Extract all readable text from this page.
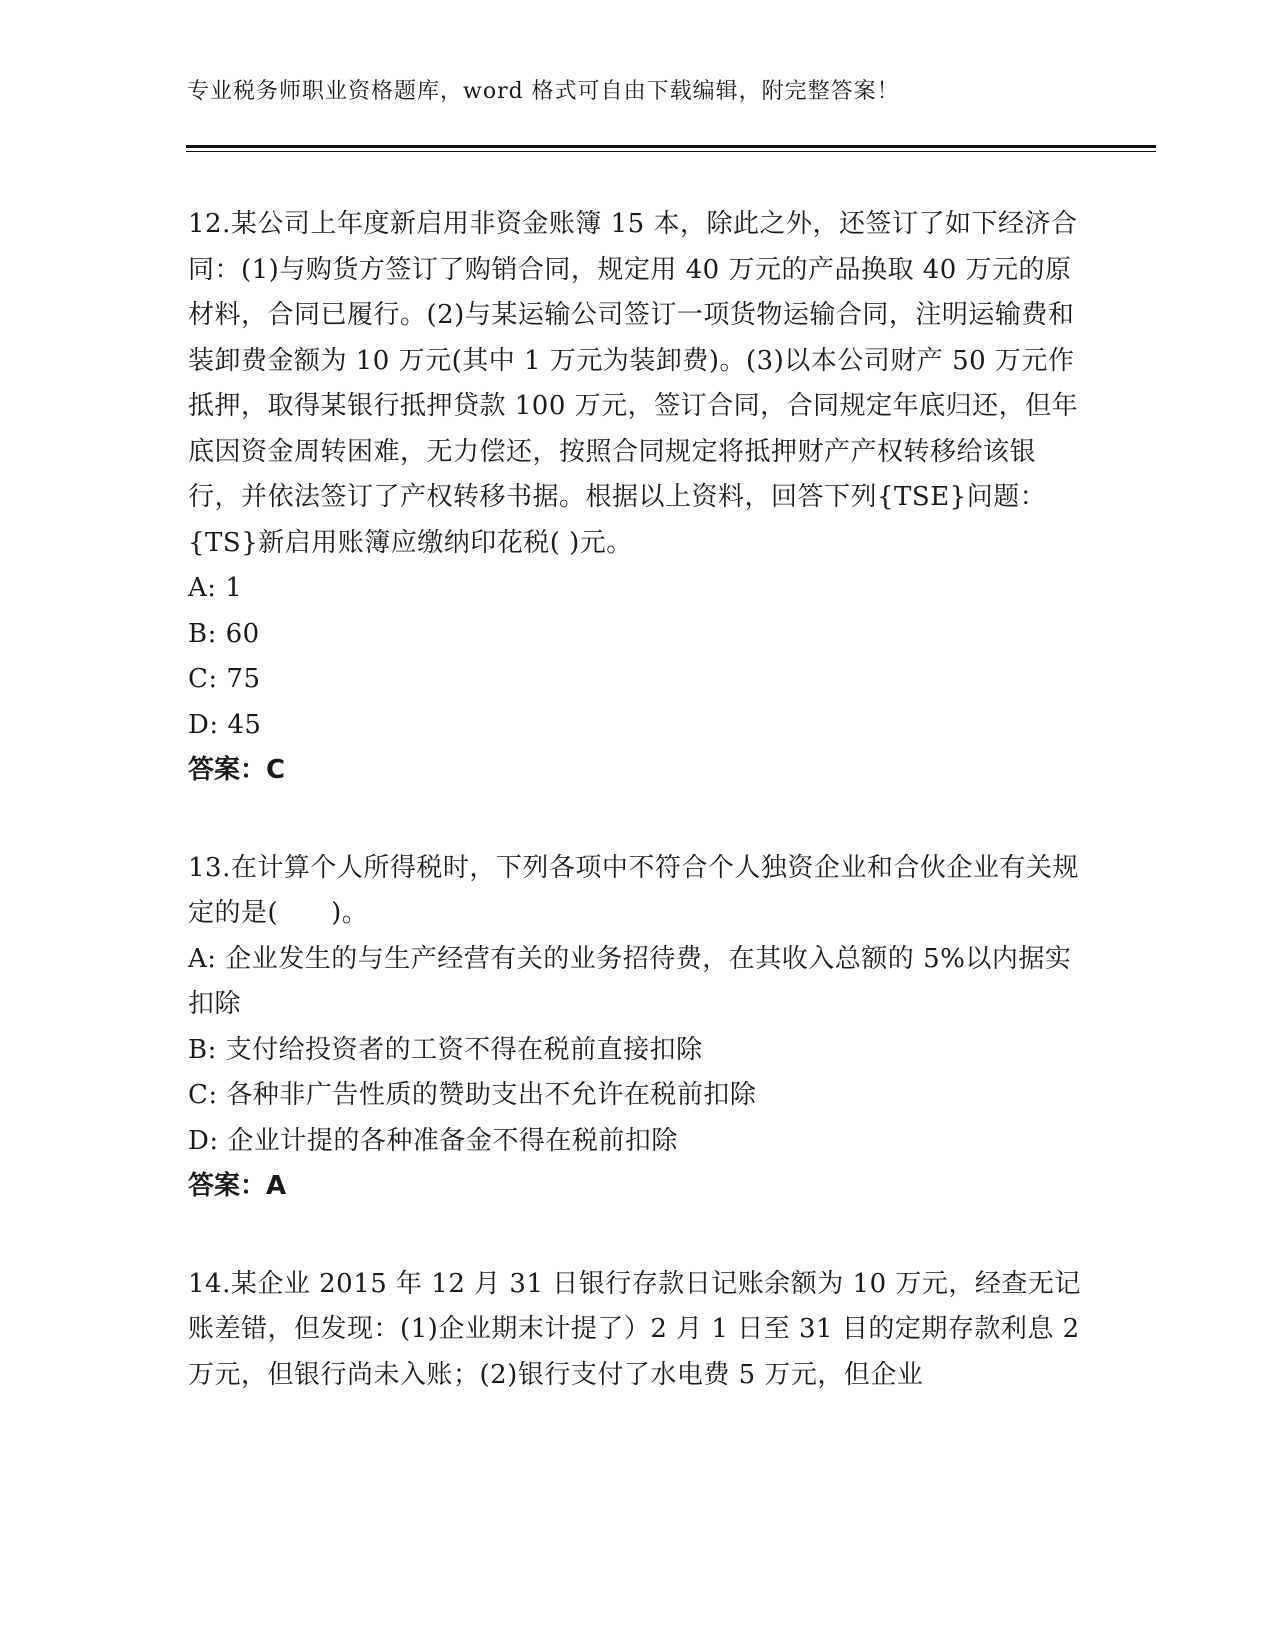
专业税务师职业资格题库，word 格式可自由下载编辑，附完整答案！

12.某公司上年度新启用非资金账簿 15 本，除此之外，还签订了如下经济合同：(1)与购货方签订了购销合同，规定用 40 万元的产品换取 40 万元的原材料，合同已履行。(2)与某运输公司签订一项货物运输合同，注明运输费和装卸费金额为 10 万元(其中 1 万元为装卸费)。(3)以本公司财产 50 万元作抵押，取得某银行抵押贷款 100 万元，签订合同，合同规定年底归还，但年底因资金周转困难，无力偿还，按照合同规定将抵押财产产权转移给该银行，并依法签订了产权转移书据。根据以上资料，回答下列{TSE}问题：{TS}新启用账簿应缴纳印花税( )元。

A: 1

B: 60

C: 75

D: 45

答案：C

13.在计算个人所得税时，下列各项中不符合个人独资企业和合伙企业有关规定的是(　　)。

A: 企业发生的与生产经营有关的业务招待费，在其收入总额的 5%以内据实扣除

B: 支付给投资者的工资不得在税前直接扣除

C: 各种非广告性质的赞助支出不允许在税前扣除

D: 企业计提的各种准备金不得在税前扣除

答案：A

14.某企业 2015 年 12 月 31 日银行存款日记账余额为 10 万元，经查无记账差错，但发现：(1)企业期末计提了）2 月 1 日至 31 目的定期存款利息 2 万元，但银行尚未入账；(2)银行支付了水电费 5 万元，但企业
